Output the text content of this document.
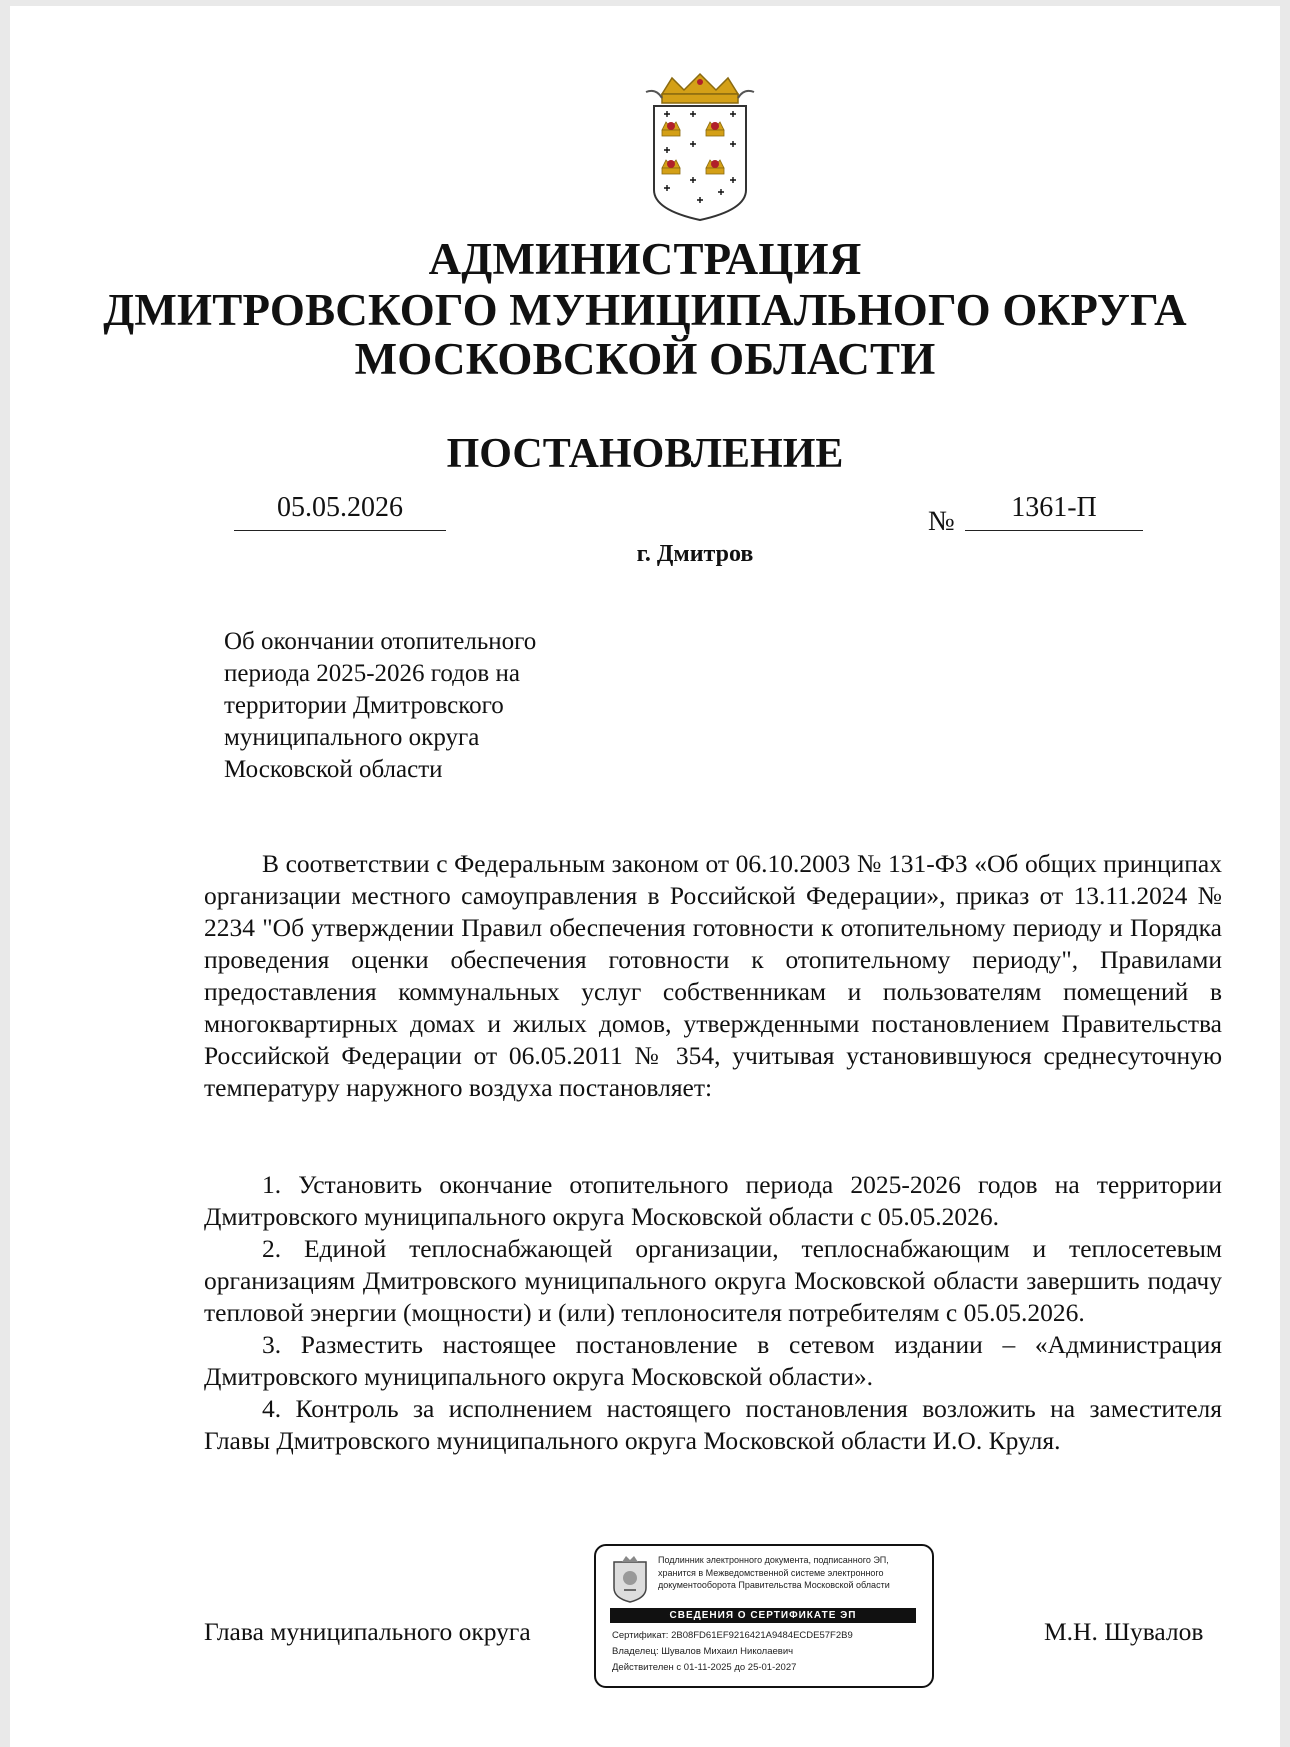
АДМИНИСТРАЦИЯ
ДМИТРОВСКОГО МУНИЦИПАЛЬНОГО ОКРУГА
МОСКОВСКОЙ ОБЛАСТИ
ПОСТАНОВЛЕНИЕ
05.05.2026	№	1361-П
г. Дмитров
Об окончании отопительного
периода 2025-2026 годов на
территории Дмитровского
муниципального округа
Московской области
В соответствии с Федеральным законом от 06.10.2003 № 131-ФЗ «Об общих принципах организации местного самоуправления в Российской Федерации», приказ от 13.11.2024 № 2234 "Об утверждении Правил обеспечения готовности к отопительному периоду и Порядка проведения оценки обеспечения готовности к отопительному периоду", Правилами предоставления коммунальных услуг собственникам и пользователям помещений в многоквартирных домах и жилых домов, утвержденными постановлением Правительства Российской Федерации от 06.05.2011 № 354, учитывая установившуюся среднесуточную температуру наружного воздуха постановляет:

1. Установить окончание отопительного периода 2025-2026 годов на территории Дмитровского муниципального округа Московской области с 05.05.2026.

2. Единой теплоснабжающей организации, теплоснабжающим и теплосетевым организациям Дмитровского муниципального округа Московской области завершить подачу тепловой энергии (мощности) и (или) теплоносителя потребителям с 05.05.2026.

3. Разместить настоящее постановление в сетевом издании – «Администрация Дмитровского муниципального округа Московской области».

4. Контроль за исполнением настоящего постановления возложить на заместителя Главы Дмитровского муниципального округа Московской области И.О. Круля.

Глава муниципального округа	М.Н. Шувалов
Подлинник электронного документа, подписанного ЭП,
хранится в Межведомственной системе электронного
документооборота Правительства Московской области
СВЕДЕНИЯ О СЕРТИФИКАТЕ ЭП
Сертификат: 2B08FD61EF9216421A9484ECDE57F2B9
Владелец: Шувалов Михаил Николаевич
Действителен с 01-11-2025 до 25-01-2027
